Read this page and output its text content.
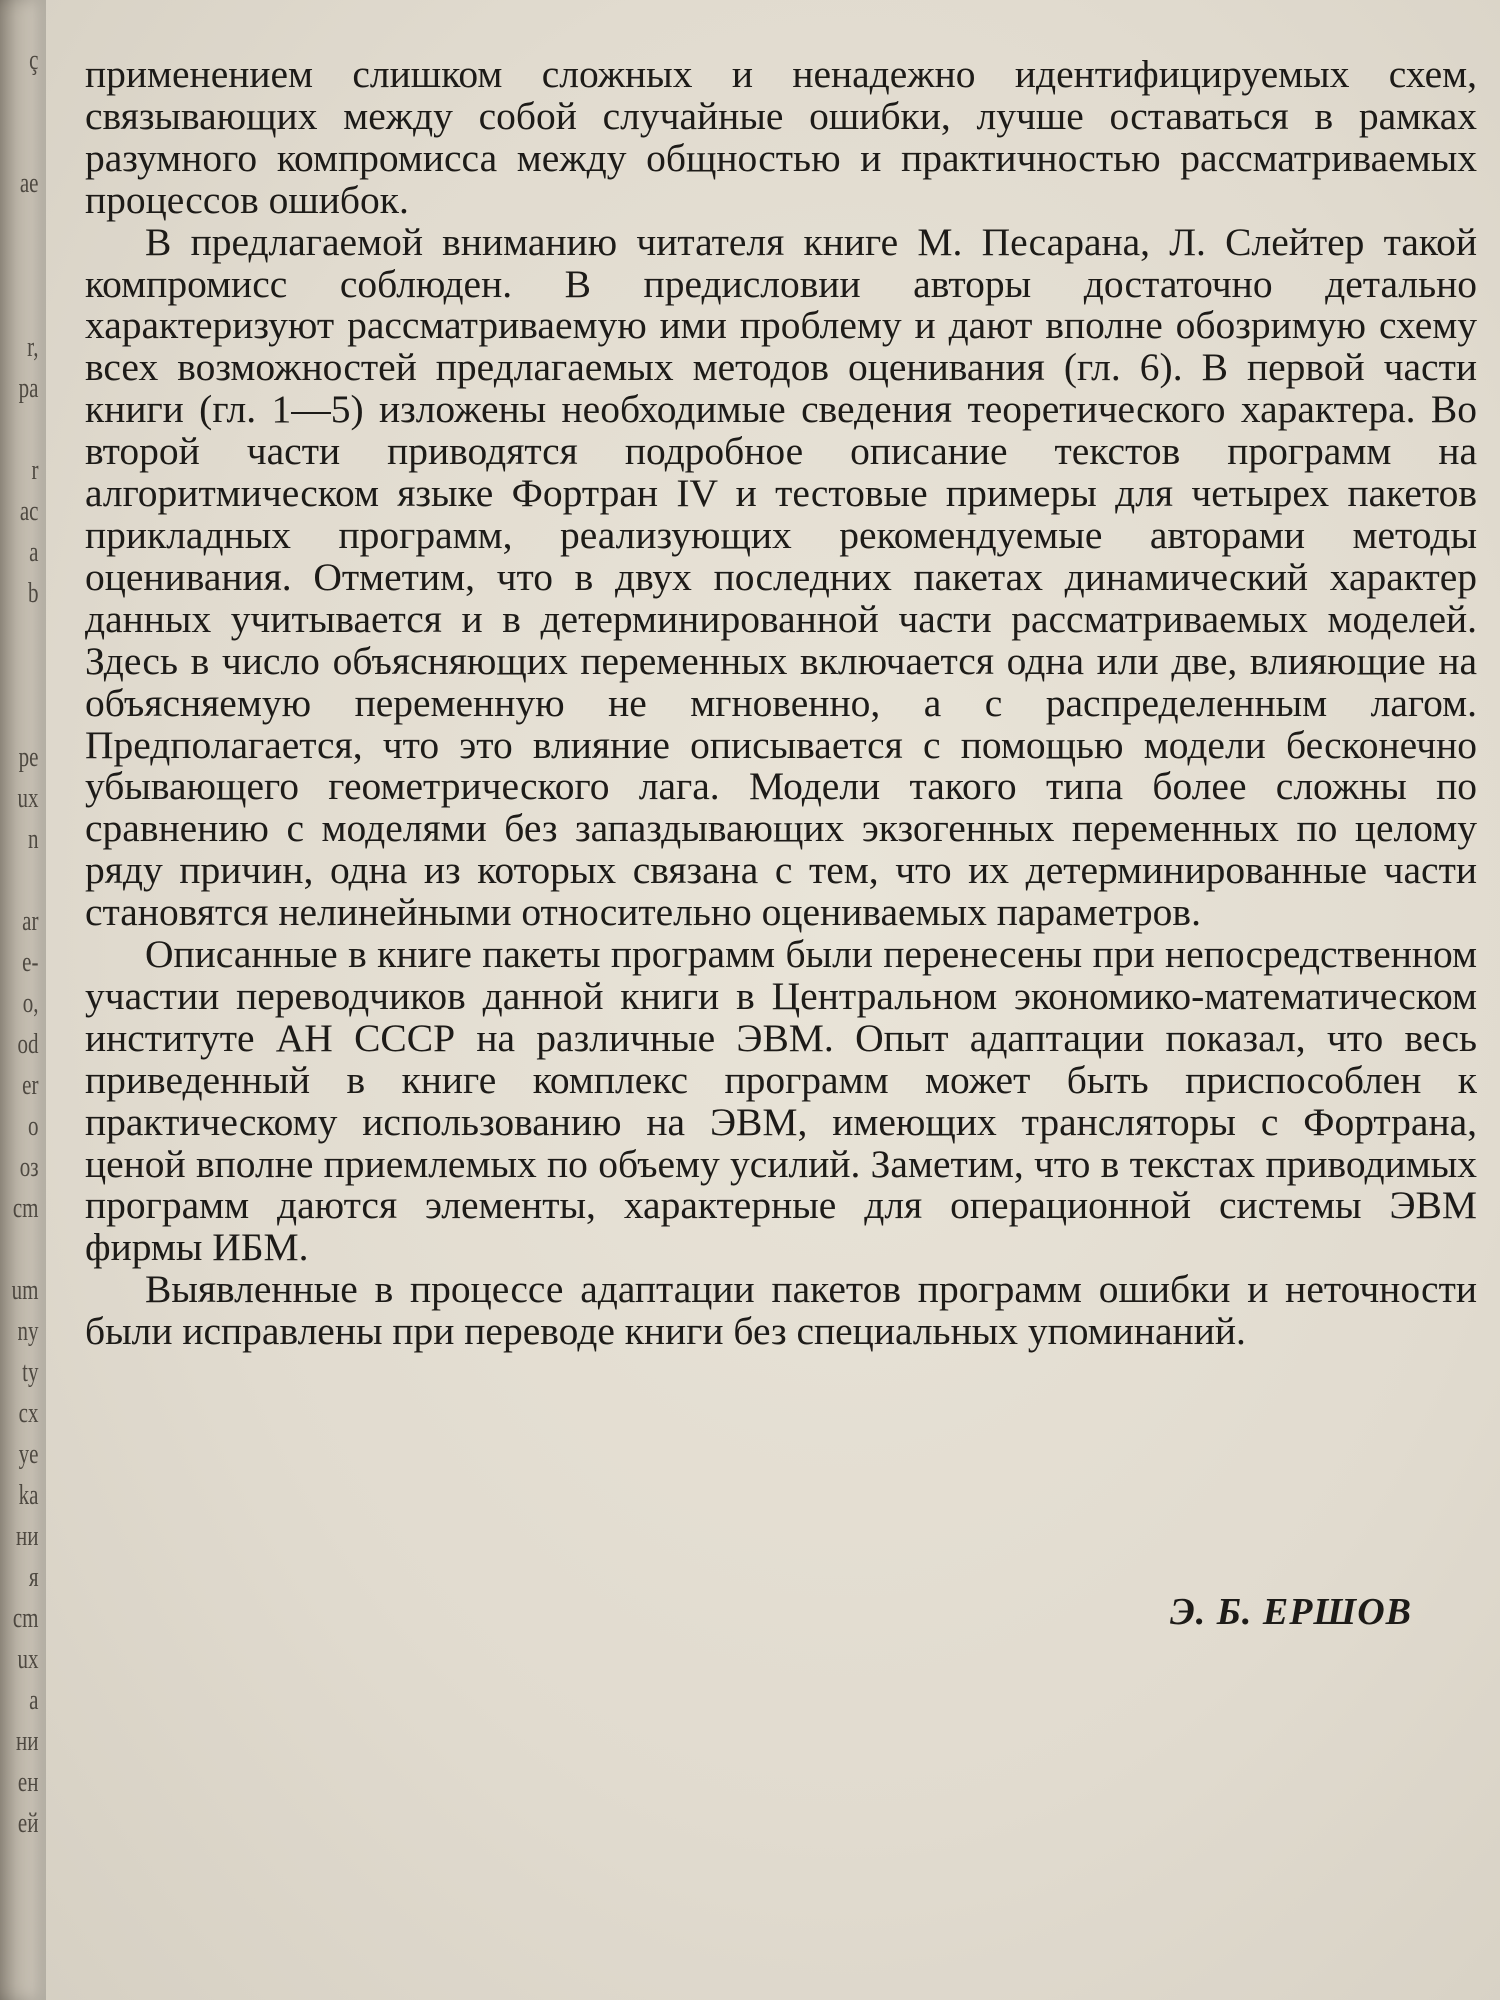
ç
ae
r,
pa
r
ac
a
b
pe
ux
n
ar
e-
o,
od
er
o
oз
cm
um
ny
ty
cx
ye
ka
ни
я
cm
ux
a
ни
ен
ей

применением слишком сложных и ненадежно идентифицируемых схем, связывающих между собой случайные ошибки, лучше оставаться в рамках разумного компромисса между общностью и практичностью рассматриваемых процессов ошибок.

В предлагаемой вниманию читателя книге М. Песарана, Л. Слейтер такой компромисс соблюден. В предисловии авторы достаточно детально характеризуют рассматриваемую ими проблему и дают вполне обозримую схему всех возможностей предлагаемых методов оценивания (гл. 6). В первой части книги (гл. 1—5) изложены необходимые сведения теоретического характера. Во второй части приводятся подробное описание текстов программ на алгоритмическом языке Фортран IV и тестовые примеры для четырех пакетов прикладных программ, реализующих рекомендуемые авторами методы оценивания. Отметим, что в двух последних пакетах динамический характер данных учитывается и в детерминированной части рассматриваемых моделей. Здесь в число объясняющих переменных включается одна или две, влияющие на объясняемую переменную не мгновенно, а с распределенным лагом. Предполагается, что это влияние описывается с помощью модели бесконечно убывающего геометрического лага. Модели такого типа более сложны по сравнению с моделями без запаздывающих экзогенных переменных по целому ряду причин, одна из которых связана с тем, что их детерминированные части становятся нелинейными относительно оцениваемых параметров.

Описанные в книге пакеты программ были перенесены при непосредственном участии переводчиков данной книги в Центральном экономико-математическом институте АН СССР на различные ЭВМ. Опыт адаптации показал, что весь приведенный в книге комплекс программ может быть приспособлен к практическому использованию на ЭВМ, имеющих трансляторы с Фортрана, ценой вполне приемлемых по объему усилий. Заметим, что в текстах приводимых программ даются элементы, характерные для операционной системы ЭВМ фирмы ИБМ.

Выявленные в процессе адаптации пакетов программ ошибки и неточности были исправлены при переводе книги без специальных упоминаний.

Э. Б. ЕРШОВ
